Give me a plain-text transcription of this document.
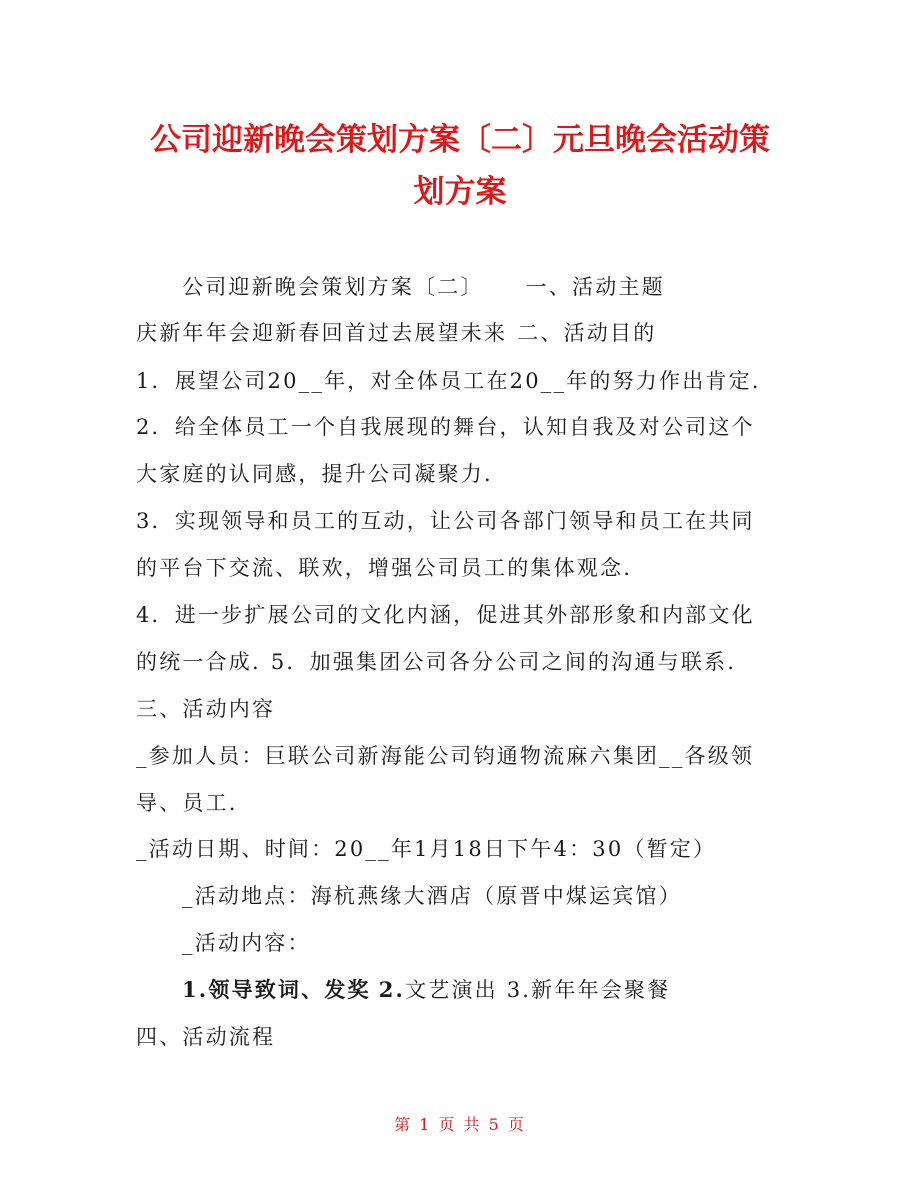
公司迎新晚会策划方案〔二〕元旦晚会活动策
划方案
公司迎新晚会策划方案〔二〕 一、活动主题
庆新年年会迎新春回首过去展望未来 二、活动目的
1．展望公司20__年，对全体员工在20__年的努力作出肯定.
2．给全体员工一个自我展现的舞台，认知自我及对公司这个
大家庭的认同感，提升公司凝聚力.
3．实现领导和员工的互动，让公司各部门领导和员工在共同
的平台下交流、联欢，增强公司员工的集体观念.
4．进一步扩展公司的文化内涵，促进其外部形象和内部文化
的统一合成. 5．加强集团公司各分公司之间的沟通与联系.
三、活动内容
_参加人员：巨联公司新海能公司钧通物流麻六集团__各级领
导、员工.
_活动日期、时间：20__年1月18日下午4：30（暂定）
_活动地点：海杭燕缘大酒店（原晋中煤运宾馆）
_活动内容：
1.领导致词、发奖 2.文艺演出 3.新年年会聚餐
四、活动流程
第 1 页 共 5 页
